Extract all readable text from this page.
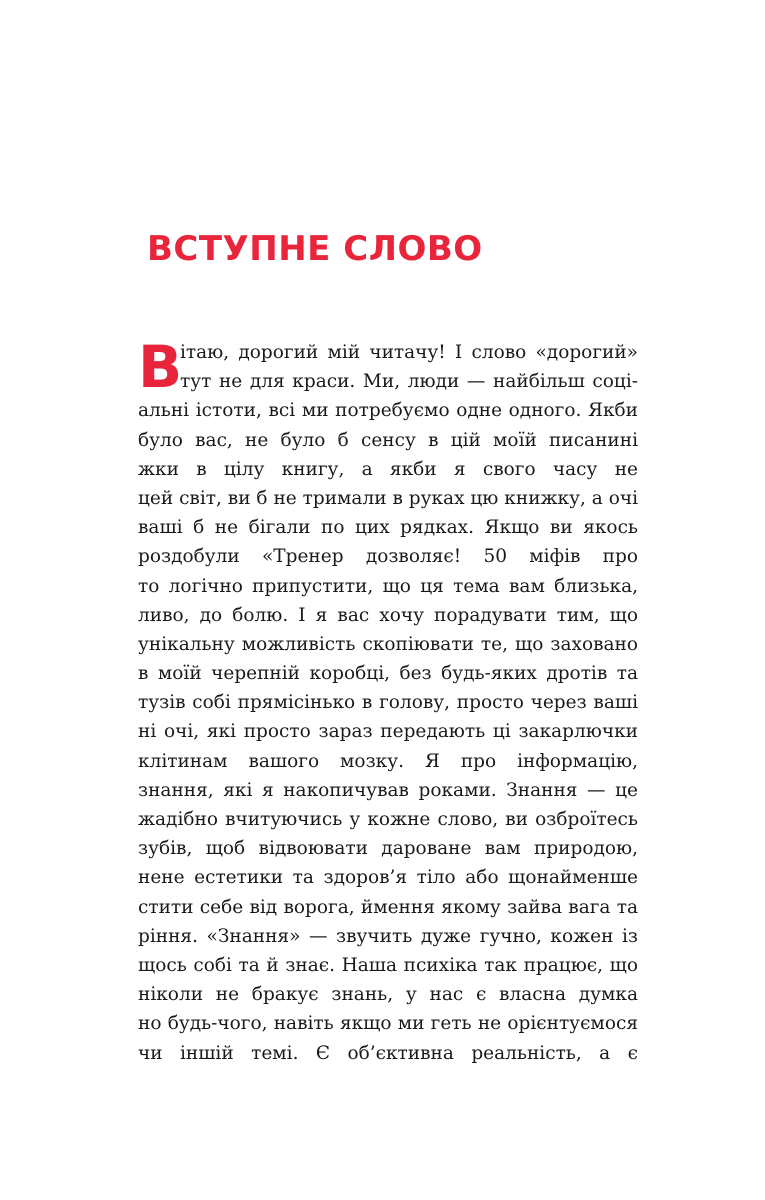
ВСТУПНЕ СЛОВО
В
ітаю, дорогий мій читачу! І слово «дорогий»
тут не для краси. Ми, люди — найбільш соці-
альні істоти, всі ми потребуємо одне одного. Якби
було вас, не було б сенсу в цій моїй писанині
жки в цілу книгу, а якби я свого часу не
цей світ, ви б не тримали в руках цю книжку, а очі
ваші б не бігали по цих рядках. Якщо ви якось
роздобули «Тренер дозволяє! 50 міфів про
то логічно припустити, що ця тема вам близька,
ливо, до болю. І я вас хочу порадувати тим, що
унікальну можливість скопіювати те, що заховано
в моїй черепній коробці, без будь-яких дротів та
тузів собі прямісінько в голову, просто через ваші
ні очі, які просто зараз передають ці закарлючки
клітинам вашого мозку. Я про інформацію,
знання, які я накопичував роками. Знання — це
жадібно вчитуючись у кожне слово, ви озброїтесь
зубів, щоб відвоювати дароване вам природою,
нене естетики та здоров’я тіло або щонайменше
стити себе від ворога, ймення якому зайва вага та
ріння. «Знання» — звучить дуже гучно, кожен із
щось собі та й знає. Наша психіка так працює, що
ніколи не бракує знань, у нас є власна думка
но будь-чого, навіть якщо ми геть не орієнтуємося
чи іншій темі. Є об’єктивна реальність, а є
